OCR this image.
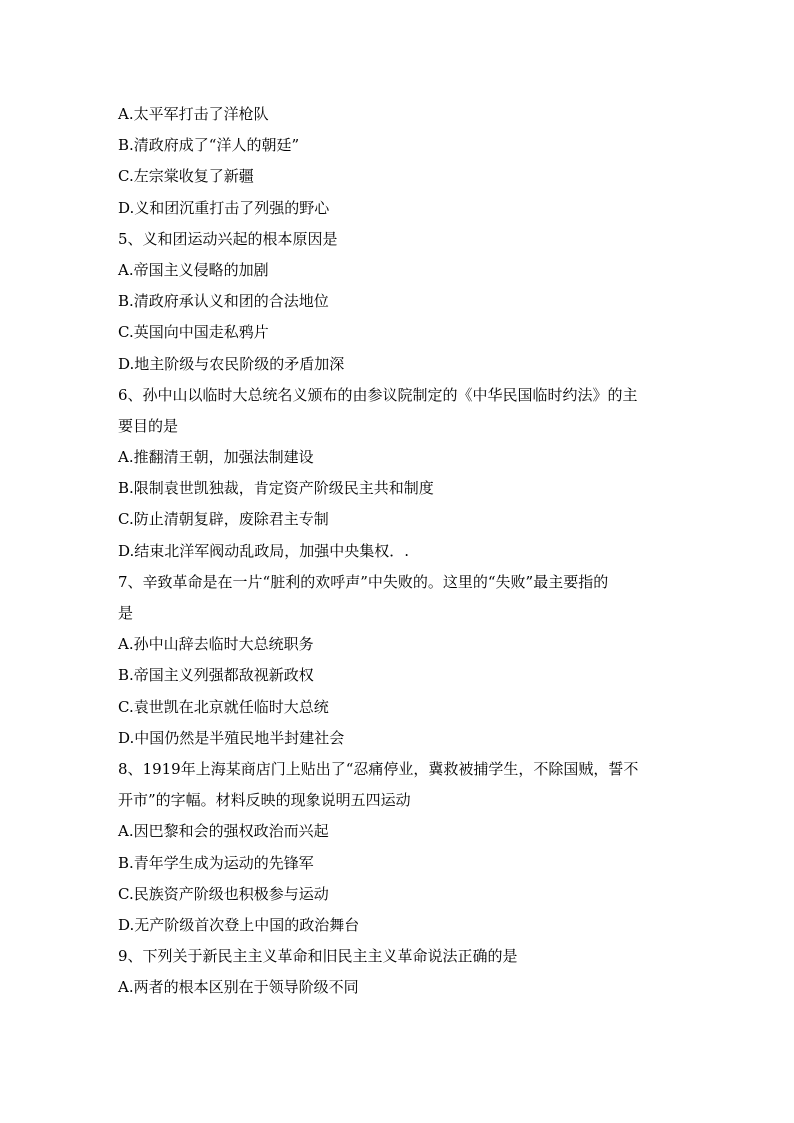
A.太平军打击了洋枪队
B.清政府成了“洋人的朝廷”
C.左宗棠收复了新疆
D.义和团沉重打击了列强的野心
5、义和团运动兴起的根本原因是
A.帝国主义侵略的加剧
B.清政府承认义和团的合法地位
C.英国向中国走私鸦片
D.地主阶级与农民阶级的矛盾加深
6、孙中山以临时大总统名义颁布的由参议院制定的《中华民国临时约法》的主
要目的是
A.推翻清王朝，加强法制建设
B.限制袁世凯独裁，肯定资产阶级民主共和制度
C.防止清朝复辟，废除君主专制
D.结束北洋军阀动乱政局，加强中央集权．.
7、辛致革命是在一片“脏利的欢呼声”中失败的。这里的“失败”最主要指的
是
A.孙中山辞去临时大总统职务
B.帝国主义列强都敌视新政权
C.袁世凯在北京就任临时大总统
D.中国仍然是半殖民地半封建社会
8、1919年上海某商店门上贴出了“忍痛停业，冀救被捕学生，不除国贼，誓不
开市”的字幅。材料反映的现象说明五四运动
A.因巴黎和会的强权政治而兴起
B.青年学生成为运动的先锋军
C.民族资产阶级也积极参与运动
D.无产阶级首次登上中国的政治舞台
9、下列关于新民主主义革命和旧民主主义革命说法正确的是
A.两者的根本区别在于领导阶级不同
